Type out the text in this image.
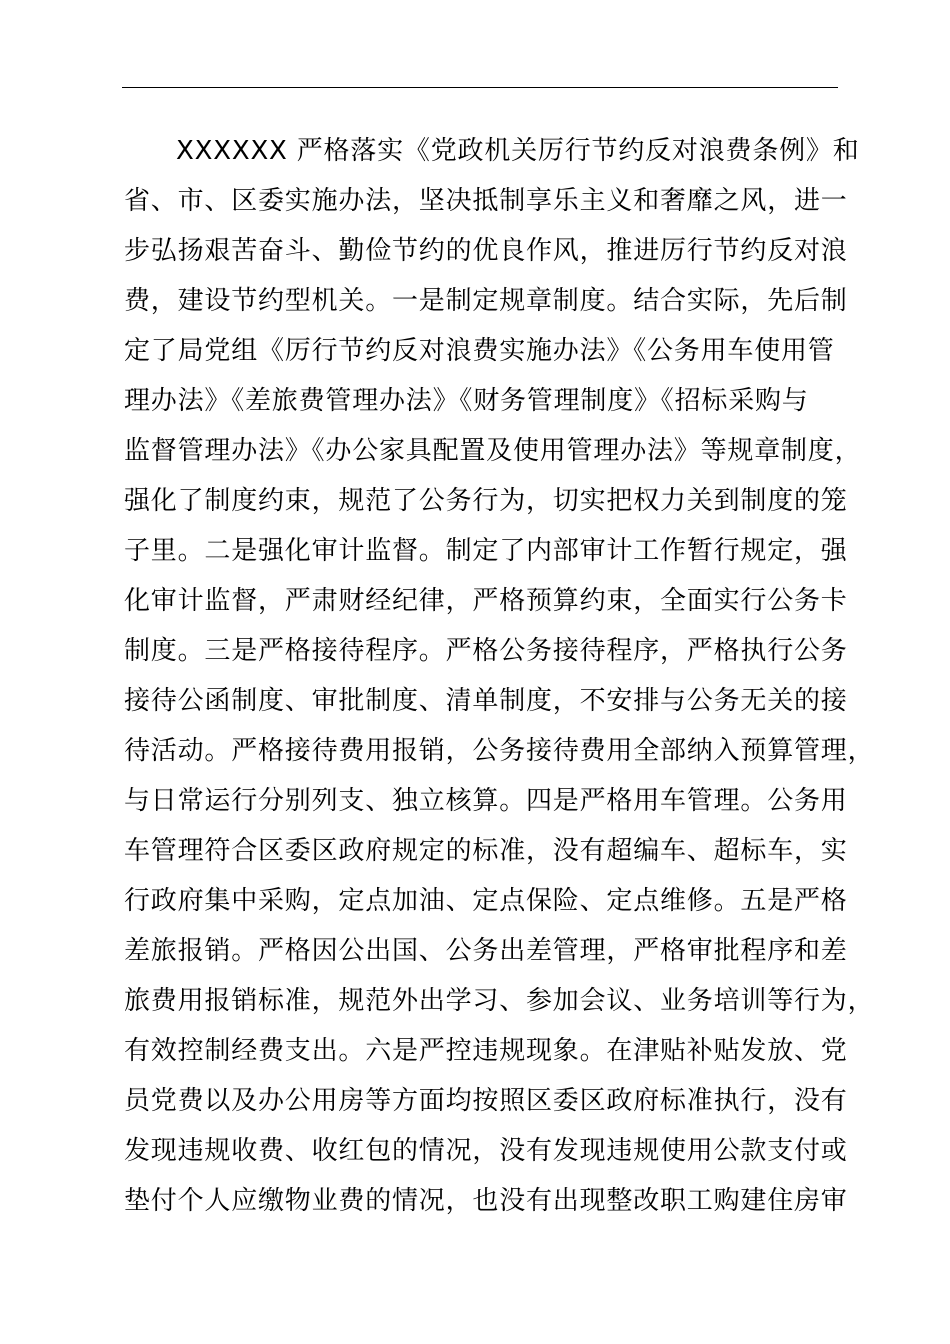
XXXXXX 严格落实《党政机关厉行节约反对浪费条例》和
省、市、区委实施办法，坚决抵制享乐主义和奢靡之风，进一
步弘扬艰苦奋斗、勤俭节约的优良作风，推进厉行节约反对浪
费，建设节约型机关。一是制定规章制度。结合实际，先后制
定了局党组《厉行节约反对浪费实施办法》《公务用车使用管
理办法》《差旅费管理办法》《财务管理制度》《招标采购与
监督管理办法》《办公家具配置及使用管理办法》等规章制度，
强化了制度约束，规范了公务行为，切实把权力关到制度的笼
子里。二是强化审计监督。制定了内部审计工作暂行规定，强
化审计监督，严肃财经纪律，严格预算约束，全面实行公务卡
制度。三是严格接待程序。严格公务接待程序，严格执行公务
接待公函制度、审批制度、清单制度，不安排与公务无关的接
待活动。严格接待费用报销，公务接待费用全部纳入预算管理，
与日常运行分别列支、独立核算。四是严格用车管理。公务用
车管理符合区委区政府规定的标准，没有超编车、超标车，实
行政府集中采购，定点加油、定点保险、定点维修。五是严格
差旅报销。严格因公出国、公务出差管理，严格审批程序和差
旅费用报销标准，规范外出学习、参加会议、业务培训等行为，
有效控制经费支出。六是严控违规现象。在津贴补贴发放、党
员党费以及办公用房等方面均按照区委区政府标准执行，没有
发现违规收费、收红包的情况，没有发现违规使用公款支付或
垫付个人应缴物业费的情况，也没有出现整改职工购建住房审
